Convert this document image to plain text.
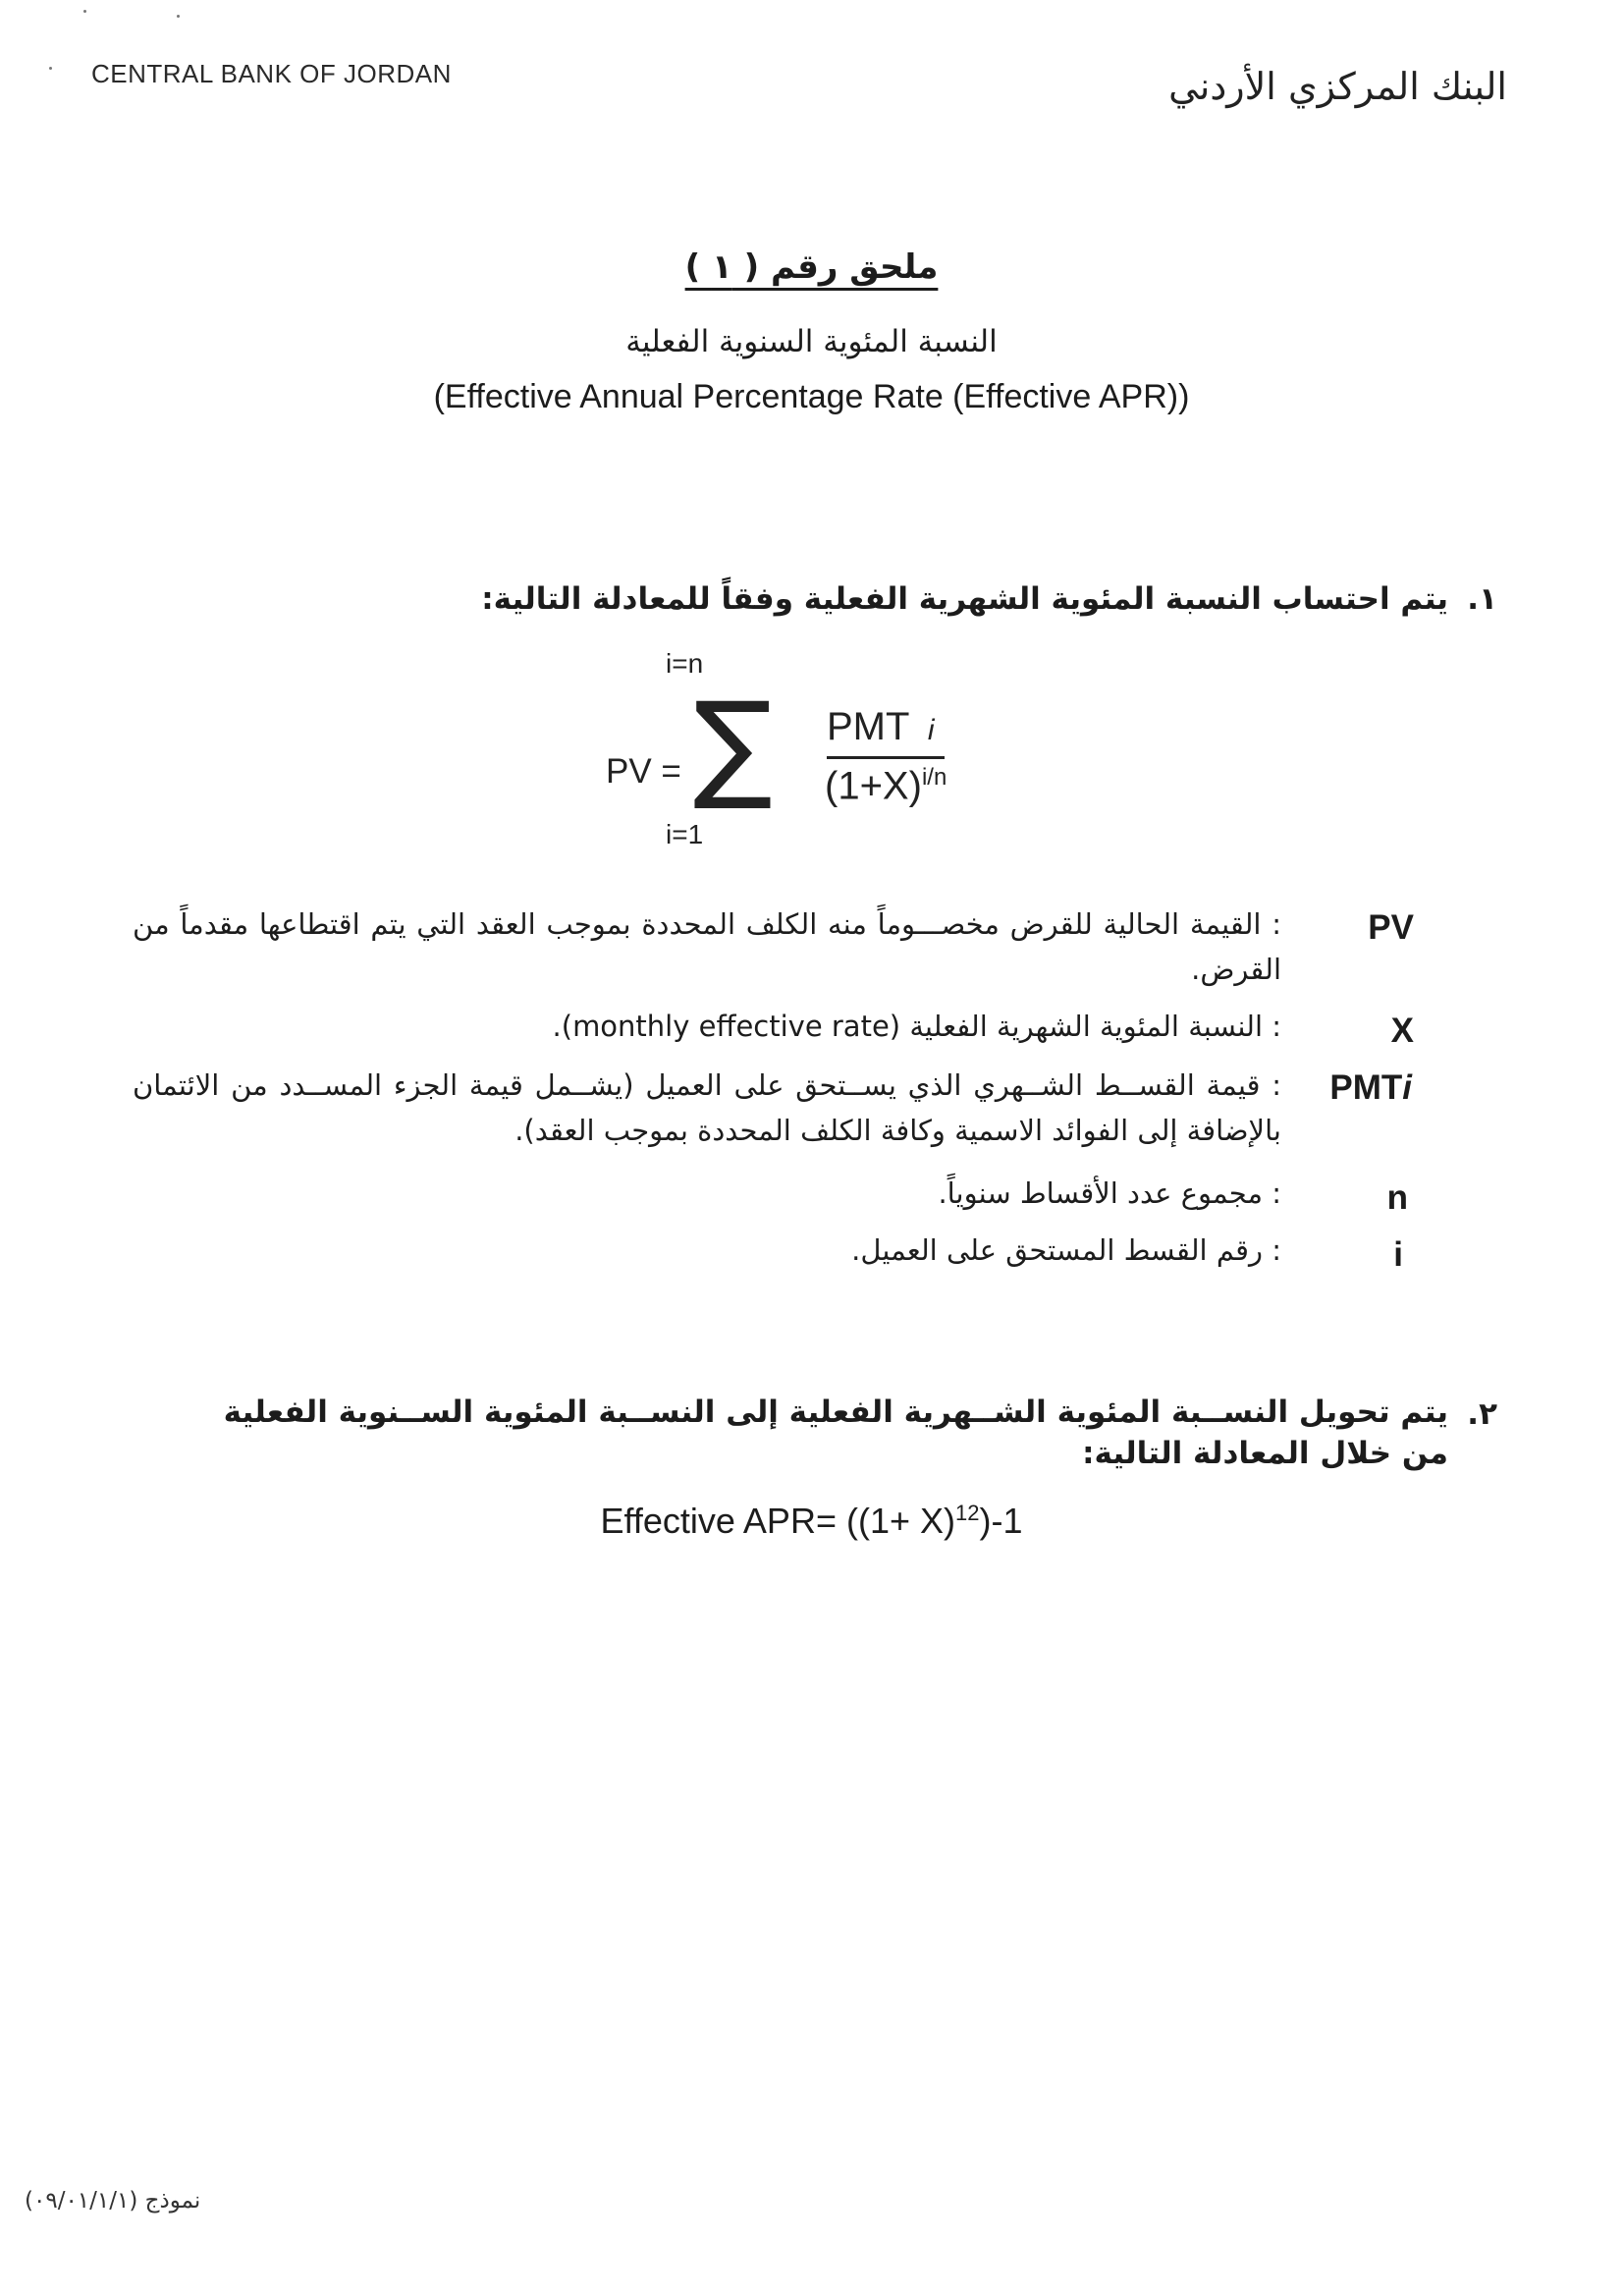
CENTRAL BANK OF JORDAN	البنك المركزي الأردني
ملحق رقم ( ١ )
النسبة المئوية السنوية الفعلية
(Effective Annual Percentage Rate (Effective APR))
١.
يتم احتساب النسبة المئوية الشهرية الفعلية وفقاً للمعادلة التالية:
i=n
PV = ∑
i=1
PMT i
$(1+X)^{i/n}$
PV
: القيمة الحالية للقرض مخصـــوماً منه الكلف المحددة بموجب العقد التي يتم اقتطاعها مقدماً من القرض.
X
: النسبة المئوية الشهرية الفعلية (monthly effective rate).
PMTi
: قيمة القســط الشــهري الذي يســتحق على العميل (يشــمل قيمة الجزء المســدد من الائتمان بالإضافة إلى الفوائد الاسمية وكافة الكلف المحددة بموجب العقد).
n
: مجموع عدد الأقساط سنوياً.
i
: رقم القسط المستحق على العميل.
٢.
يتم تحويل النســبة المئوية الشــهرية الفعلية إلى النســبة المئوية الســنوية الفعلية من خلال المعادلة التالية:
Effective $APR= ((1+ X)^{12})-1$
نموذج (٠٩/٠١/١/١)
